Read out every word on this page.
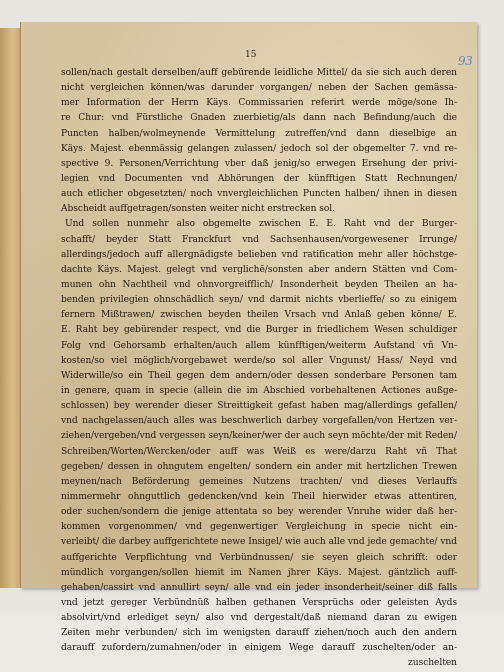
15	93
sollen/nach gestalt derselben/auff gebürende leidliche Mittel/ da sie sich auch deren
nicht vergleichen können/was darunder vorgangen/ neben der Sachen gemässa-
mer Information der Herrn Käys. Commissarien referirt werde möge/sone Ih-
re Chur: vnd Fürstliche Gnaden zuerbietig/als dann nach Befindung/auch die
Puncten halben/wolmeynende Vermittelung zutreffen/vnd dann dieselbige an
Käys. Majest. ebenmässig gelangen zulassen/ jedoch sol der obgemelter 7. vnd re-
spective 9. Personen/Verrichtung vber daß jenig/so erwegen Ersehung der privi-
legien vnd Documenten vnd Abhörungen der künfftigen Statt Rechnungen/
auch etlicher obgesetzten/ noch vnvergleichlichen Puncten halben/ ihnen in diesen
Abscheidt auffgetragen/sonsten weiter nicht erstrecken sol.
Und sollen nunmehr also obgemelte zwischen E. E. Raht vnd der Burger-
schafft/ beyder Statt Franckfurt vnd Sachsenhausen/vorgewesener Irrunge/
allerdings/jedoch auff allergnädigste belieben vnd ratification mehr aller höchstge-
dachte Käys. Majest. gelegt vnd verglichē/sonsten aber andern Stätten vnd Com-
munen ohn Nachtheil vnd ohnvorgreifflich/ Insonderheit beyden Theilen an ha-
benden privilegien ohnschädlich seyn/ vnd darmit nichts vberlieffe/ so zu einigem
fernern Mißtrawen/ zwischen beyden theilen Vrsach vnd Anlaß geben könne/ E.
E. Raht bey gebürender respect, vnd die Burger in friedlichem Wesen schuldiger
Folg vnd Gehorsamb erhalten/auch allem künfftigen/weiterm Aufstand vñ Vn-
kosten/so viel möglich/vorgebawet werde/so sol aller Vngunst/ Hass/ Neyd vnd
Widerwille/so ein Theil gegen dem andern/oder dessen sonderbare Personen tam
in genere, quam in specie (allein die im Abschied vorbehaltenen Actiones außge-
schlossen) bey werender dieser Streittigkeit gefast haben mag/allerdings gefallen/
vnd nachgelassen/auch alles was beschwerlich darbey vorgefallen/von Hertzen ver-
ziehen/vergeben/vnd vergessen seyn/keiner/wer der auch seyn möchte/der mit Reden/
Schreiben/Worten/Wercken/oder auff was Weiß es were/darzu Raht vñ That
gegeben/ dessen in ohngutem engelten/ sondern ein ander mit hertzlichen Trewen
meynen/nach Beförderung gemeines Nutzens trachten/ vnd dieses Verlauffs
nimmermehr ohnguttlich gedencken/vnd kein Theil hierwider etwas attentiren,
oder suchen/sondern die jenige attentata so bey werender Vnruhe wider daß her-
kommen vorgenommen/ vnd gegenwertiger Vergleichung in specie nicht ein-
verleibt/ die darbey auffgerichtete newe Insigel/ wie auch alle vnd jede gemachte/ vnd
auffgerichte Verpflichtung vnd Verbündnussen/ sie seyen gleich schrifft: oder
mündlich vorgangen/sollen hiemit im Namen jhrer Käys. Majest. gäntzlich auff-
gehaben/cassirt vnd annullirt seyn/ alle vnd ein jeder insonderheit/seiner diß falls
vnd jetzt gereger Verbündnüß halben gethanen Versprüchs oder geleisten Ayds
absolvirt/vnd erlediget seyn/ also vnd dergestalt/daß niemand daran zu ewigen
Zeiten mehr verbunden/ sich im wenigsten darauff ziehen/noch auch den andern
darauff zufordern/zumahnen/oder in einigem Wege darauff zuschelten/oder an-
zuschelten
